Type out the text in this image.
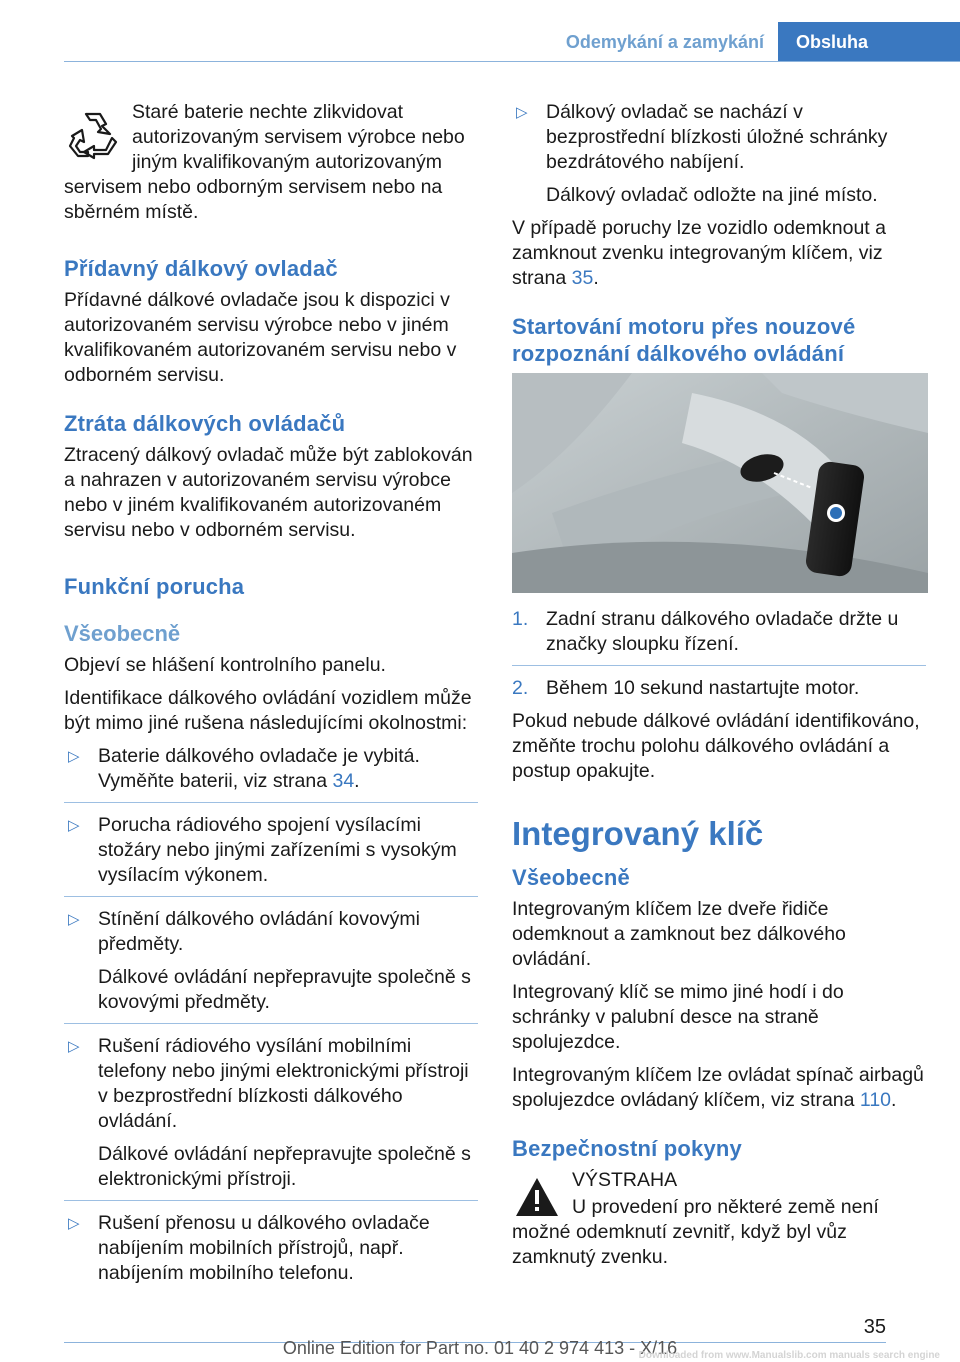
Odemykání a zamykání	Obsluha

Staré baterie nechte zlikvidovat autorizovaným servisem výrobce nebo jiným kvalifikovaným autorizovaným servisem nebo odborným servisem nebo na sběrném místě.

Přídavný dálkový ovladač

Přídavné dálkové ovladače jsou k dispozici v autorizovaném servisu výrobce nebo v jiném kvalifikovaném autorizovaném servisu nebo v odborném servisu.

Ztráta dálkových ovládačů

Ztracený dálkový ovladač může být zablokován a nahrazen v autorizovaném servisu výrobce nebo v jiném kvalifikovaném autorizovaném servisu nebo v odborném servisu.

Funkční porucha
Všeobecně

Objeví se hlášení kontrolního panelu.

Identifikace dálkového ovládání vozidlem může být mimo jiné rušena následujícími okolnostmi:

▷ Baterie dálkového ovladače je vybitá. Vyměňte baterii, viz strana 34.
▷ Porucha rádiového spojení vysílacími stožáry nebo jinými zařízeními s vysokým vysílacím výkonem.
▷ Stínění dálkového ovládání kovovými předměty.

Dálkové ovládání nepřepravujte společně s kovovými předměty.

▷ Rušení rádiového vysílání mobilními telefony nebo jinými elektronickými přístroji v bezprostřední blízkosti dálkového ovládání.

Dálkové ovládání nepřepravujte společně s elektronickými přístroji.

▷ Rušení přenosu u dálkového ovladače nabíjením mobilních přístrojů, např. nabíjením mobilního telefonu.
▷ Dálkový ovladač se nachází v bezprostřední blízkosti úložné schránky bezdrátového nabíjení.

Dálkový ovladač odložte na jiné místo.

V případě poruchy lze vozidlo odemknout a zamknout zvenku integrovaným klíčem, viz strana 35.

Startování motoru přes nouzové rozpoznání dálkového ovládání
1. Zadní stranu dálkového ovladače držte u značky sloupku řízení.
2. Během 10 sekund nastartujte motor.

Pokud nebude dálkové ovládání identifikováno, změňte trochu polohu dálkového ovládání a postup opakujte.

Integrovaný klíč
Všeobecně

Integrovaným klíčem lze dveře řidiče odemknout a zamknout bez dálkového ovládání.

Integrovaný klíč se mimo jiné hodí i do schránky v palubní desce na straně spolujezdce.

Integrovaným klíčem lze ovládat spínač airbagů spolujezdce ovládaný klíčem, viz strana 110.

Bezpečnostní pokyny

VÝSTRAHA

U provedení pro některé země není možné odemknutí zevnitř, když byl vůz zamknutý zvenku.

35
Online Edition for Part no. 01 40 2 974 413 - X/16
Downloaded from www.Manualslib.com manuals search engine
